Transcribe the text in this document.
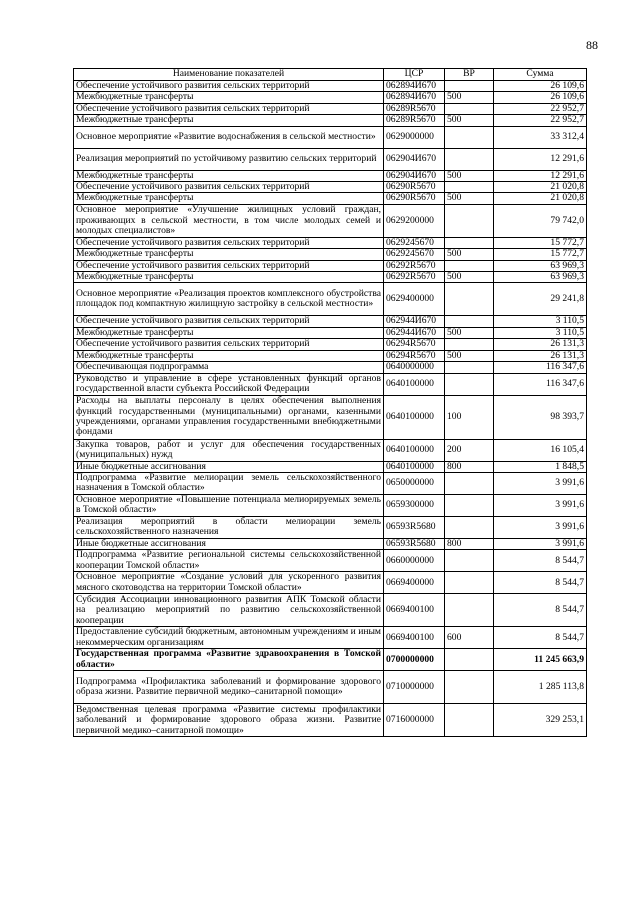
88
Наименование показателей	ЦСР	ВР	Сумма
Обеспечение устойчивого развития сельских территорий	062894И670		26 109,6
Межбюджетные трансферты	062894И670	500	26 109,6
Обеспечение устойчивого развития сельских территорий	06289R5670		22 952,7
Межбюджетные трансферты	06289R5670	500	22 952,7
Основное мероприятие «Развитие водоснабжения в сельской местности»	0629000000		33 312,4
Реализация мероприятий по устойчивому развитию сельских территорий	062904И670		12 291,6
Межбюджетные трансферты	062904И670	500	12 291,6
Обеспечение устойчивого развития сельских территорий	06290R5670		21 020,8
Межбюджетные трансферты	06290R5670	500	21 020,8
Основное мероприятие «Улучшение жилищных условий граждан, проживающих в сельской местности, в том числе молодых семей и молодых специалистов»	0629200000		79 742,0
Обеспечение устойчивого развития сельских территорий	0629245670		15 772,7
Межбюджетные трансферты	0629245670	500	15 772,7
Обеспечение устойчивого развития сельских территорий	06292R5670		63 969,3
Межбюджетные трансферты	06292R5670	500	63 969,3
Основное мероприятие «Реализация проектов комплексного обустройства площадок под компактную жилищную застройку в сельской местности»	0629400000		29 241,8
Обеспечение устойчивого развития сельских территорий	062944И670		3 110,5
Межбюджетные трансферты	062944И670	500	3 110,5
Обеспечение устойчивого развития сельских территорий	06294R5670		26 131,3
Межбюджетные трансферты	06294R5670	500	26 131,3
Обеспечивающая подпрограмма	0640000000		116 347,6
Руководство и управление в сфере установленных функций органов государственной власти субъекта Российской Федерации	0640100000		116 347,6
Расходы на выплаты персоналу в целях обеспечения выполнения функций государственными (муниципальными) органами, казенными учреждениями, органами управления государственными внебюджетными фондами	0640100000	100	98 393,7
Закупка товаров, работ и услуг для обеспечения государственных (муниципальных) нужд	0640100000	200	16 105,4
Иные бюджетные ассигнования	0640100000	800	1 848,5
Подпрограмма «Развитие мелиорации земель сельскохозяйственного назначения в Томской области»	0650000000		3 991,6
Основное мероприятие «Повышение потенциала мелиорируемых земель в Томской области»	0659300000		3 991,6
Реализация мероприятий в области мелиорации земель сельскохозяйственного назначения	06593R5680		3 991,6
Иные бюджетные ассигнования	06593R5680	800	3 991,6
Подпрограмма «Развитие региональной системы сельскохозяйственной кооперации Томской области»	0660000000		8 544,7
Основное мероприятие «Создание условий для ускоренного развития мясного скотоводства на территории Томской области»	0669400000		8 544,7
Субсидия Ассоциации инновационного развития АПК Томской области на реализацию мероприятий по развитию сельскохозяйственной кооперации	0669400100		8 544,7
Предоставление субсидий бюджетным, автономным учреждениям и иным некоммерческим организациям	0669400100	600	8 544,7
Государственная программа «Развитие здравоохранения в Томской области»	0700000000		11 245 663,9
Подпрограмма «Профилактика заболеваний и формирование здорового образа жизни. Развитие первичной медико–санитарной помощи»	0710000000		1 285 113,8
Ведомственная целевая программа «Развитие системы профилактики заболеваний и формирование здорового образа жизни. Развитие первичной медико–санитарной помощи»	0716000000		329 253,1
